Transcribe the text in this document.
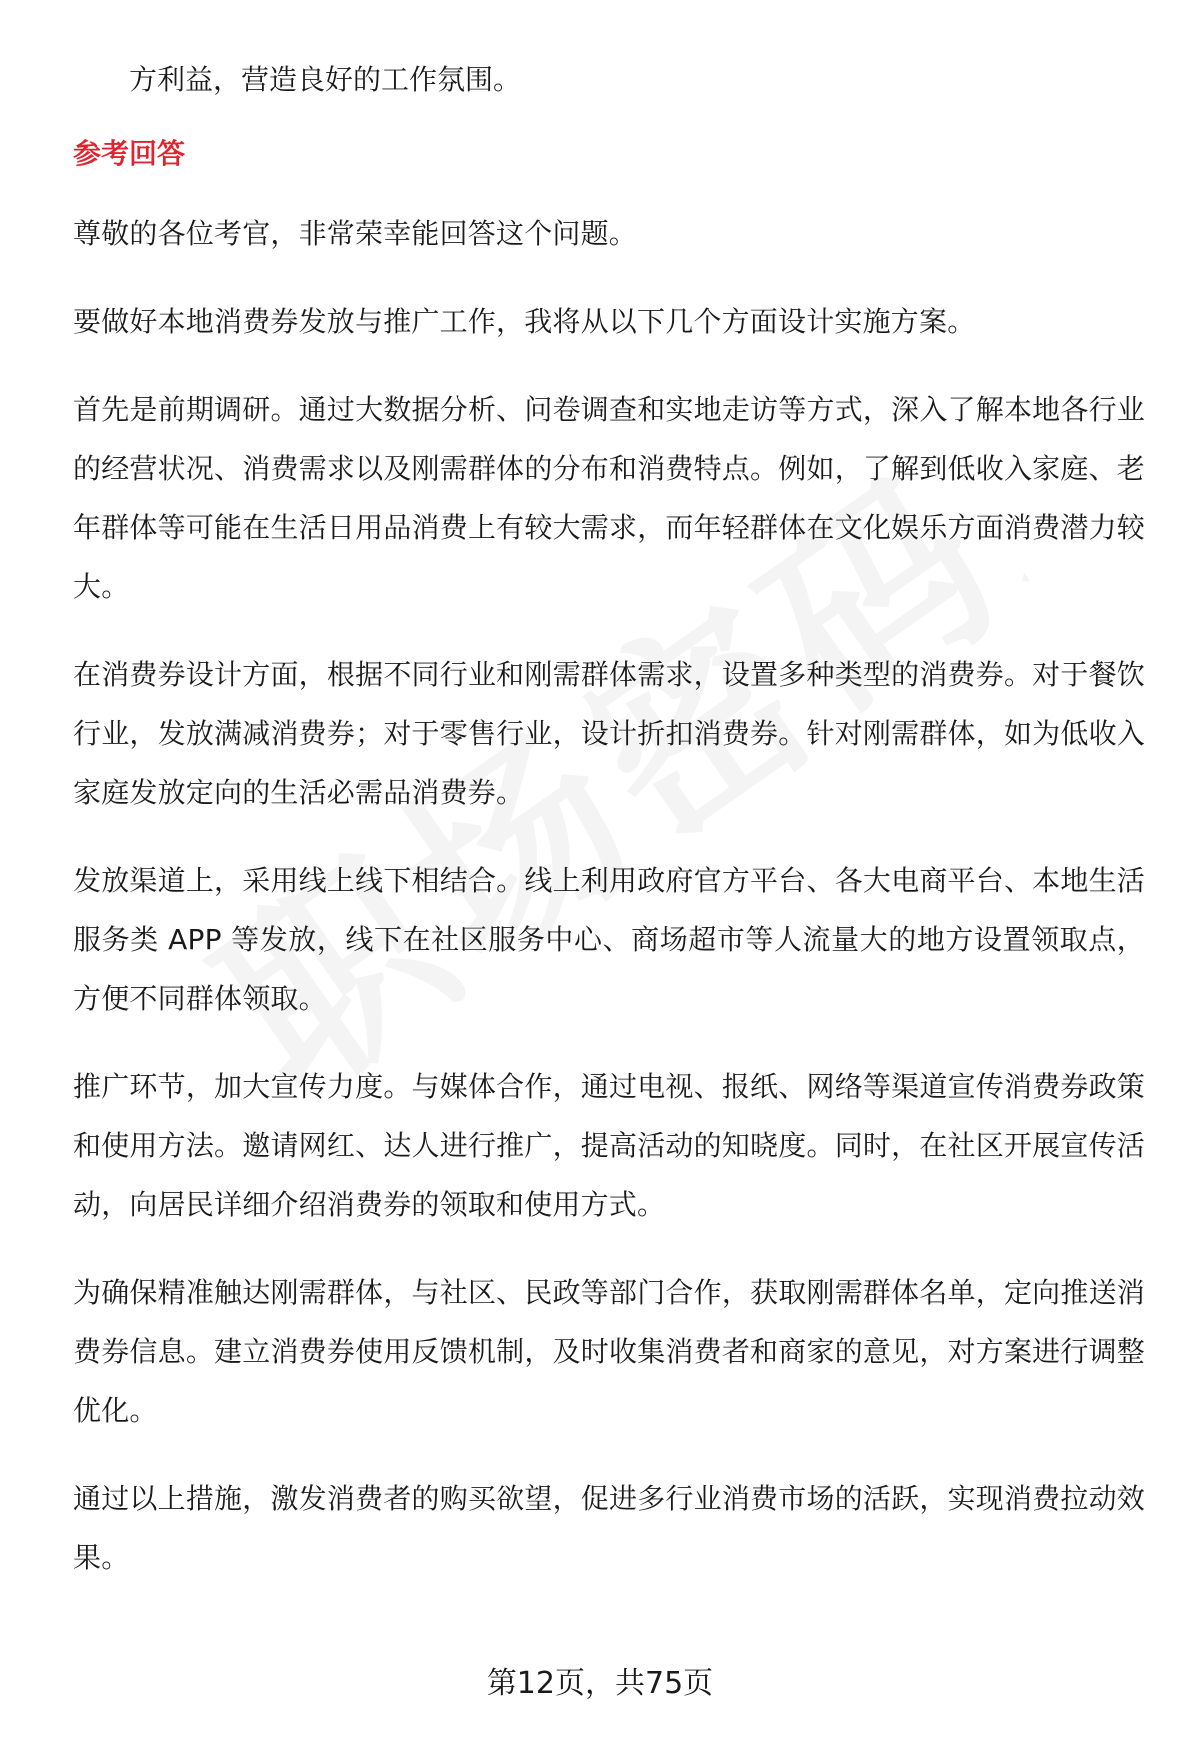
方利益，营造良好的工作氛围。

参考回答

尊敬的各位考官，非常荣幸能回答这个问题。

要做好本地消费券发放与推广工作，我将从以下几个方面设计实施方案。

首先是前期调研。通过大数据分析、问卷调查和实地走访等方式，深入了解本地各行业的经营状况、消费需求以及刚需群体的分布和消费特点。例如，了解到低收入家庭、老年群体等可能在生活日用品消费上有较大需求，而年轻群体在文化娱乐方面消费潜力较大。

在消费券设计方面，根据不同行业和刚需群体需求，设置多种类型的消费券。对于餐饮行业，发放满减消费券；对于零售行业，设计折扣消费券。针对刚需群体，如为低收入家庭发放定向的生活必需品消费券。

发放渠道上，采用线上线下相结合。线上利用政府官方平台、各大电商平台、本地生活服务类 APP 等发放，线下在社区服务中心、商场超市等人流量大的地方设置领取点，方便不同群体领取。

推广环节，加大宣传力度。与媒体合作，通过电视、报纸、网络等渠道宣传消费券政策和使用方法。邀请网红、达人进行推广，提高活动的知晓度。同时，在社区开展宣传活动，向居民详细介绍消费券的领取和使用方式。

为确保精准触达刚需群体，与社区、民政等部门合作，获取刚需群体名单，定向推送消费券信息。建立消费券使用反馈机制，及时收集消费者和商家的意见，对方案进行调整优化。

通过以上措施，激发消费者的购买欲望，促进多行业消费市场的活跃，实现消费拉动效果。

第12页，共75页
